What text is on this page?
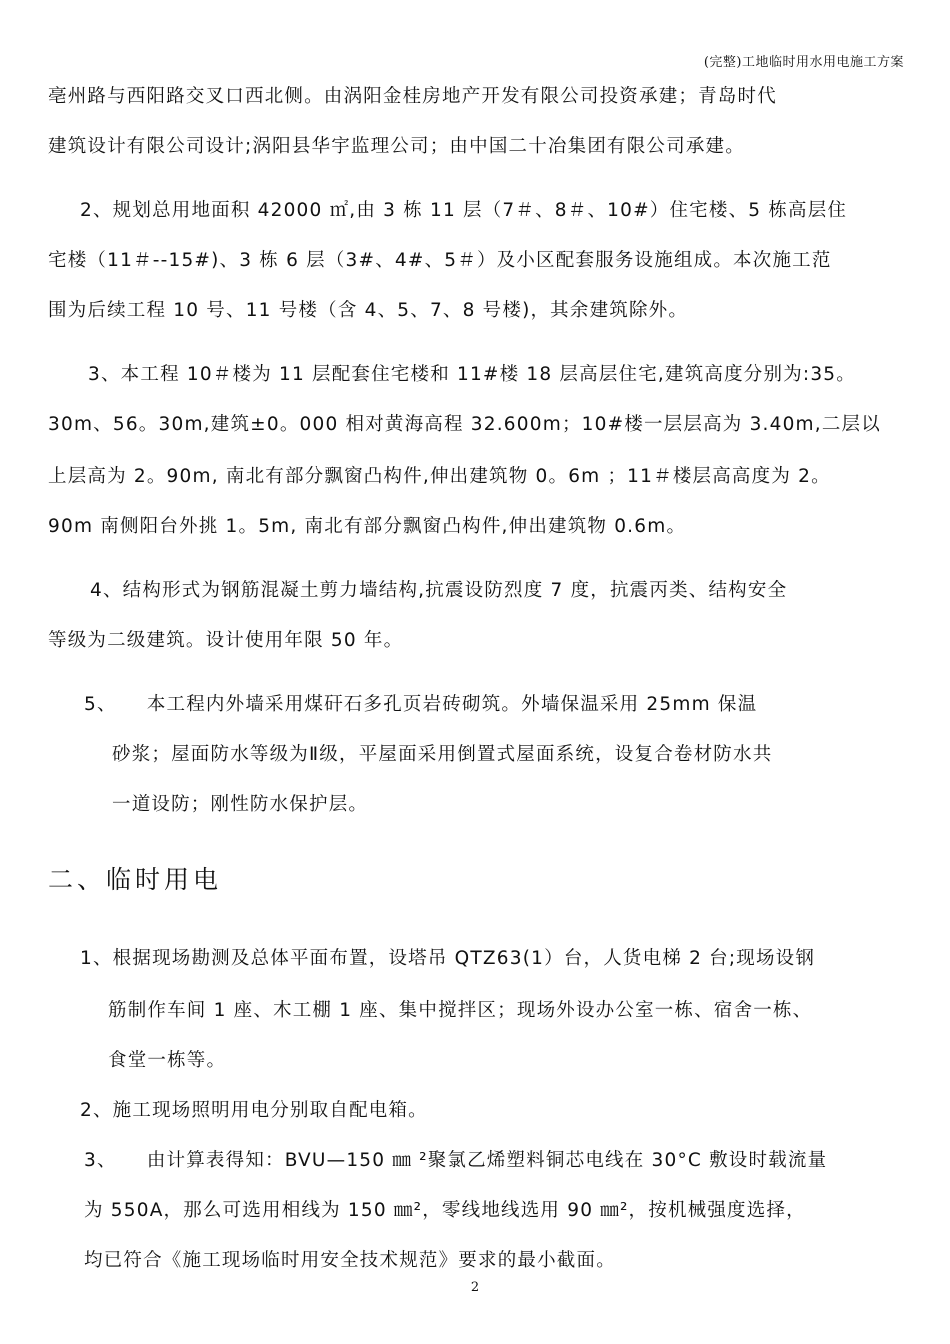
(完整)工地临时用水用电施工方案
亳州路与西阳路交叉口西北侧。由涡阳金桂房地产开发有限公司投资承建；青岛时代
建筑设计有限公司设计;涡阳县华宇监理公司；由中国二十冶集团有限公司承建。
2、规划总用地面积 42000 ㎡,由 3 栋 11 层（7＃、8＃、10#）住宅楼、5 栋高层住
宅楼（11＃--15#)、3 栋 6 层（3#、4#、5＃）及小区配套服务设施组成。本次施工范
围为后续工程 10 号、11 号楼（含 4、5、7、8 号楼)，其余建筑除外。
3、本工程 10＃楼为 11 层配套住宅楼和 11#楼 18 层高层住宅,建筑高度分别为:35。
30m、56。30m,建筑±0。000 相对黄海高程 32.600m；10#楼一层层高为 3.40m,二层以
上层高为 2。90m, 南北有部分飘窗凸构件,伸出建筑物 0。6m ；11＃楼层高高度为 2。
90m 南侧阳台外挑 1。5m, 南北有部分飘窗凸构件,伸出建筑物 0.6m。
4、结构形式为钢筋混凝土剪力墙结构,抗震设防烈度 7 度，抗震丙类、结构安全
等级为二级建筑。设计使用年限 50 年。
5、　　本工程内外墙采用煤矸石多孔页岩砖砌筑。外墙保温采用 25mm 保温
砂浆；屋面防水等级为Ⅱ级，平屋面采用倒置式屋面系统，设复合卷材防水共
一道设防；刚性防水保护层。
二、临时用电
1、根据现场勘测及总体平面布置，设塔吊 QTZ63(1）台，人货电梯 2 台;现场设钢
筋制作车间 1 座、木工棚 1 座、集中搅拌区；现场外设办公室一栋、宿舍一栋、
食堂一栋等。
2、施工现场照明用电分别取自配电箱。
3、　　由计算表得知：BVU—150 ㎜ ²聚氯乙烯塑料铜芯电线在 30°C 敷设时载流量
为 550A，那么可选用相线为 150 ㎜²，零线地线选用 90 ㎜²，按机械强度选择，
均已符合《施工现场临时用安全技术规范》要求的最小截面。
2
